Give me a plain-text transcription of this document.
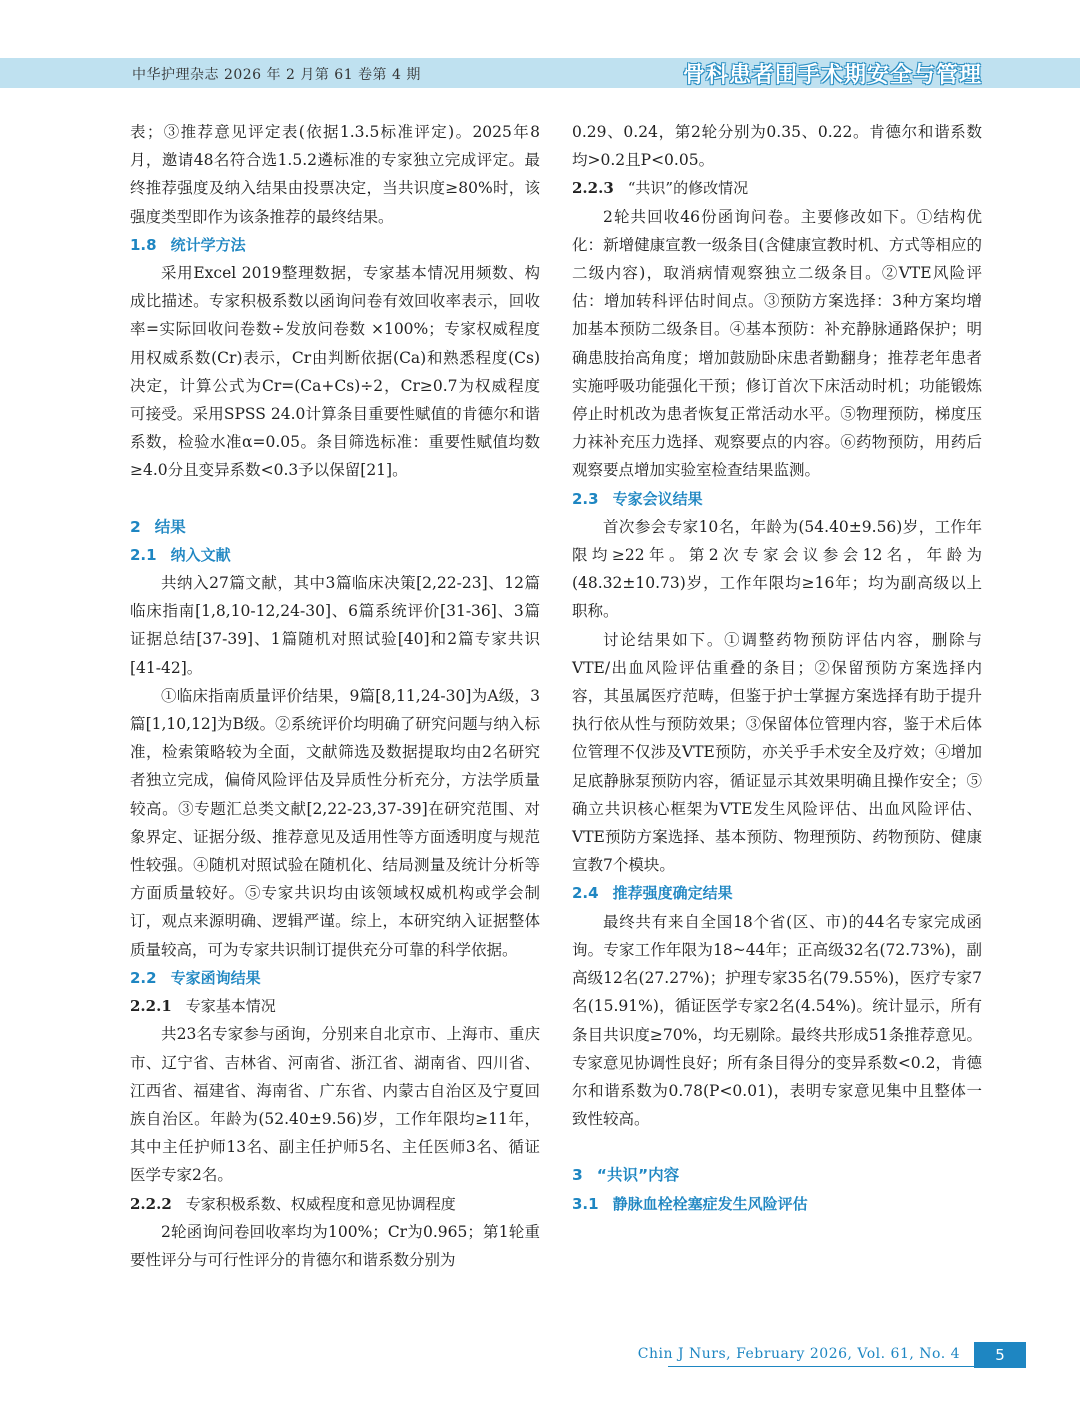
中华护理杂志 2026 年 2 月第 61 卷第 4 期	骨科患者围手术期安全与管理

表；③推荐意见评定表(依据1.3.5标准评定)。2025年8月，邀请48名符合选1.5.2遴标准的专家独立完成评定。最终推荐强度及纳入结果由投票决定，当共识度≥80%时，该强度类型即作为该条推荐的最终结果。

1.8 统计学方法

采用Excel 2019整理数据，专家基本情况用频数、构成比描述。专家积极系数以函询问卷有效回收率表示，回收率=实际回收问卷数÷发放问卷数 ×100%；专家权威程度用权威系数(Cr)表示，Cr由判断依据(Ca)和熟悉程度(Cs)决定，计算公式为Cr=(Ca+Cs)÷2，Cr≥0.7为权威程度可接受。采用SPSS 24.0计算条目重要性赋值的肯德尔和谐系数，检验水准α=0.05。条目筛选标准：重要性赋值均数≥4.0分且变异系数<0.3予以保留[21]。

2 结果

2.1 纳入文献

共纳入27篇文献，其中3篇临床决策[2,22-23]、12篇临床指南[1,8,10-12,24-30]、6篇系统评价[31-36]、3篇证据总结[37-39]、1篇随机对照试验[40]和2篇专家共识[41-42]。

①临床指南质量评价结果，9篇[8,11,24-30]为A级，3篇[1,10,12]为B级。②系统评价均明确了研究问题与纳入标准，检索策略较为全面，文献筛选及数据提取均由2名研究者独立完成，偏倚风险评估及异质性分析充分，方法学质量较高。③专题汇总类文献[2,22-23,37-39]在研究范围、对象界定、证据分级、推荐意见及适用性等方面透明度与规范性较强。④随机对照试验在随机化、结局测量及统计分析等方面质量较好。⑤专家共识均由该领域权威机构或学会制订，观点来源明确、逻辑严谨。综上，本研究纳入证据整体质量较高，可为专家共识制订提供充分可靠的科学依据。

2.2 专家函询结果

2.2.1 专家基本情况

共23名专家参与函询，分别来自北京市、上海市、重庆市、辽宁省、吉林省、河南省、浙江省、湖南省、四川省、江西省、福建省、海南省、广东省、内蒙古自治区及宁夏回族自治区。年龄为(52.40±9.56)岁，工作年限均≥11年，其中主任护师13名、副主任护师5名、主任医师3名、循证医学专家2名。

2.2.2 专家积极系数、权威程度和意见协调程度

2轮函询问卷回收率均为100%；Cr为0.965；第1轮重要性评分与可行性评分的肯德尔和谐系数分别为

0.29、0.24，第2轮分别为0.35、0.22。肯德尔和谐系数均>0.2且P<0.05。

2.2.3 “共识”的修改情况

2轮共回收46份函询问卷。主要修改如下。①结构优化：新增健康宣教一级条目(含健康宣教时机、方式等相应的二级内容)，取消病情观察独立二级条目。②VTE风险评估：增加转科评估时间点。③预防方案选择：3种方案均增加基本预防二级条目。④基本预防：补充静脉通路保护；明确患肢抬高角度；增加鼓励卧床患者勤翻身；推荐老年患者实施呼吸功能强化干预；修订首次下床活动时机；功能锻炼停止时机改为患者恢复正常活动水平。⑤物理预防，梯度压力袜补充压力选择、观察要点的内容。⑥药物预防，用药后观察要点增加实验室检查结果监测。

2.3 专家会议结果

首次参会专家10名，年龄为(54.40±9.56)岁，工作年限均≥22年。第2次专家会议参会12名，年龄为(48.32±10.73)岁，工作年限均≥16年；均为副高级以上职称。

讨论结果如下。①调整药物预防评估内容，删除与VTE/出血风险评估重叠的条目；②保留预防方案选择内容，其虽属医疗范畴，但鉴于护士掌握方案选择有助于提升执行依从性与预防效果；③保留体位管理内容，鉴于术后体位管理不仅涉及VTE预防，亦关乎手术安全及疗效；④增加足底静脉泵预防内容，循证显示其效果明确且操作安全；⑤确立共识核心框架为VTE发生风险评估、出血风险评估、VTE预防方案选择、基本预防、物理预防、药物预防、健康宣教7个模块。

2.4 推荐强度确定结果

最终共有来自全国18个省(区、市)的44名专家完成函询。专家工作年限为18~44年；正高级32名(72.73%)，副高级12名(27.27%)；护理专家35名(79.55%)，医疗专家7名(15.91%)，循证医学专家2名(4.54%)。统计显示，所有条目共识度≥70%，均无剔除。最终共形成51条推荐意见。专家意见协调性良好；所有条目得分的变异系数<0.2，肯德尔和谐系数为0.78(P<0.01)，表明专家意见集中且整体一致性较高。

3 “共识”内容

3.1 静脉血栓栓塞症发生风险评估

Chin J Nurs, February 2026, Vol. 61, No. 4	5
